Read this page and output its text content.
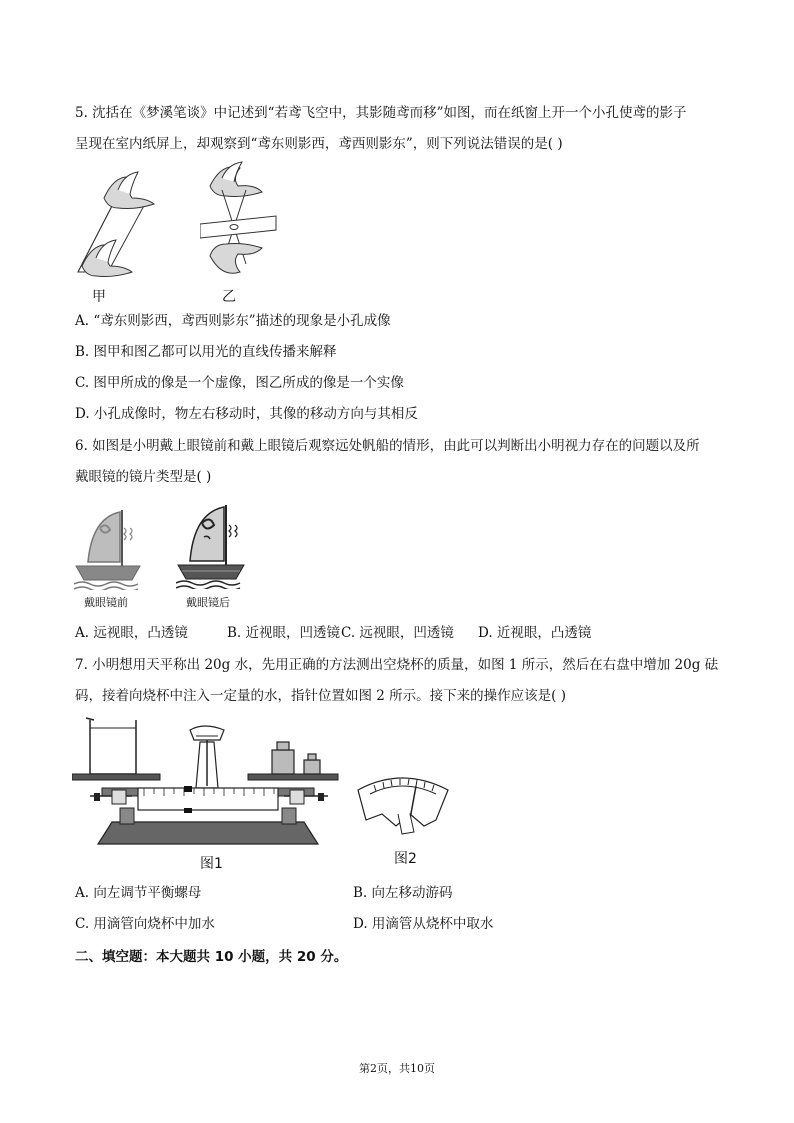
5. 沈括在《梦溪笔谈》中记述到“若鸢飞空中，其影随鸢而移”如图，而在纸窗上开一个小孔使鸢的影子
呈现在室内纸屏上，却观察到“鸢东则影西，鸢西则影东”，则下列说法错误的是( )
甲	乙
A. “鸢东则影西，鸢西则影东”描述的现象是小孔成像
B. 图甲和图乙都可以用光的直线传播来解释
C. 图甲所成的像是一个虚像，图乙所成的像是一个实像
D. 小孔成像时，物左右移动时，其像的移动方向与其相反
6. 如图是小明戴上眼镜前和戴上眼镜后观察远处帆船的情形，由此可以判断出小明视力存在的问题以及所
戴眼镜的镜片类型是( )
戴眼镜前	戴眼镜后
A. 远视眼，凸透镜	B. 近视眼，凹透镜 C. 远视眼，凹透镜 D. 近视眼，凸透镜
7. 小明想用天平称出 20g 水，先用正确的方法测出空烧杯的质量，如图 1 所示，然后在右盘中增加 20g 砝
码，接着向烧杯中注入一定量的水，指针位置如图 2 所示。接下来的操作应该是( )
图1	图2
A. 向左调节平衡螺母	B. 向左移动游码
C. 用滴管向烧杯中加水	D. 用滴管从烧杯中取水
二、填空题：本大题共 10 小题，共 20 分。
第2页，共10页
